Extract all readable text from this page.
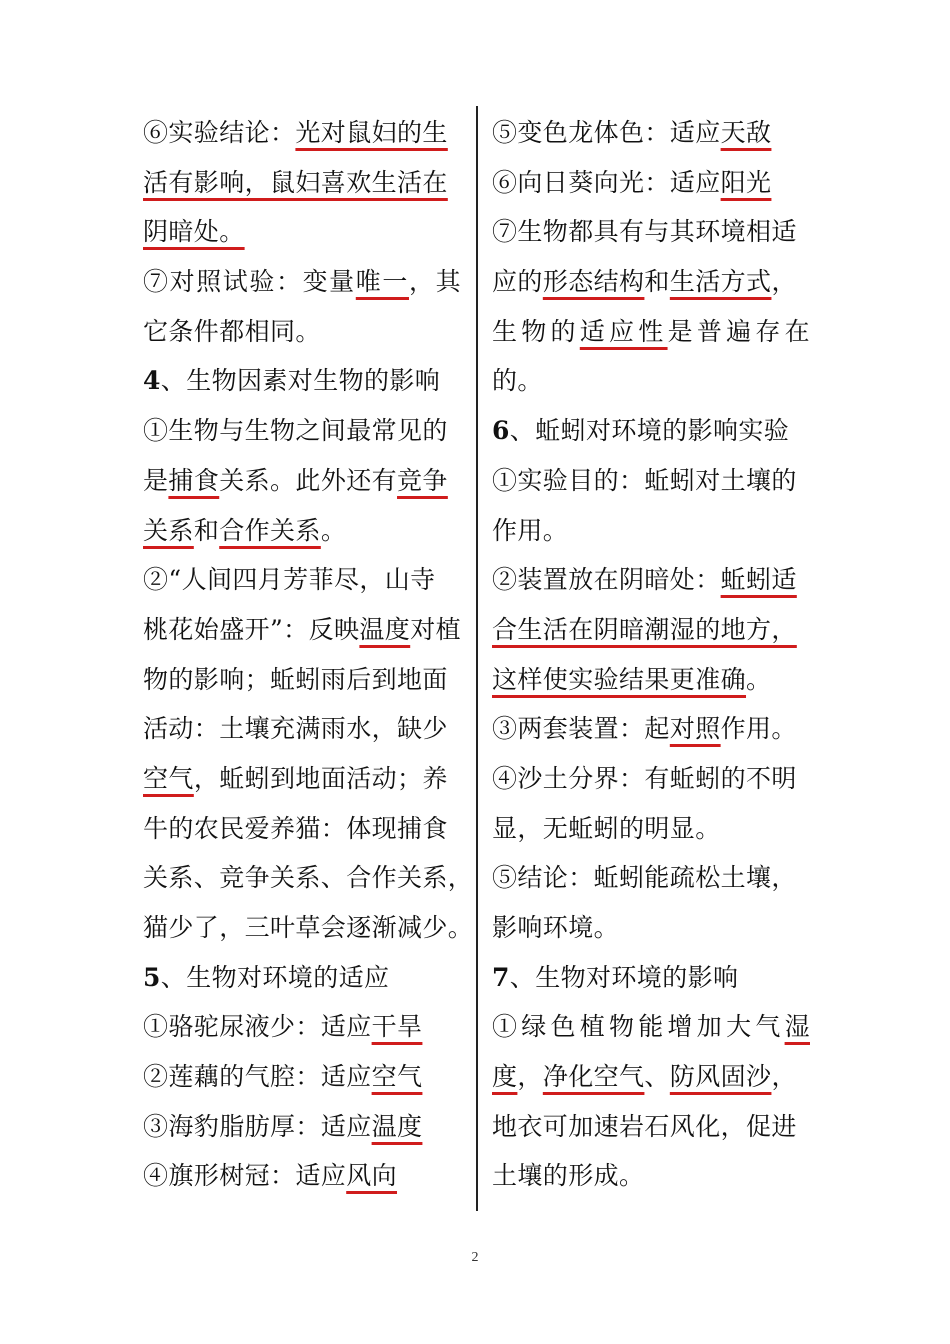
⑥实验结论：光对鼠妇的生
活有影响，鼠妇喜欢生活在
阴暗处。
⑦对照试验：变量唯一，其
它条件都相同。
4、生物因素对生物的影响
①生物与生物之间最常见的
是捕食关系。此外还有竞争
关系和合作关系。
②“人间四月芳菲尽，山寺
桃花始盛开”：反映温度对植
物的影响；蚯蚓雨后到地面
活动：土壤充满雨水，缺少
空气，蚯蚓到地面活动；养
牛的农民爱养猫：体现捕食
关系、竞争关系、合作关系，
猫少了，三叶草会逐渐减少。
5、生物对环境的适应
①骆驼尿液少：适应干旱
②莲藕的气腔：适应空气
③海豹脂肪厚：适应温度
④旗形树冠：适应风向
⑤变色龙体色：适应天敌
⑥向日葵向光：适应阳光
⑦生物都具有与其环境相适
应的形态结构和生活方式，
生物的适应性是普遍存在
的。
6、蚯蚓对环境的影响实验
①实验目的：蚯蚓对土壤的
作用。
②装置放在阴暗处：蚯蚓适
合生活在阴暗潮湿的地方，
这样使实验结果更准确。
③两套装置：起对照作用。
④沙土分界：有蚯蚓的不明
显，无蚯蚓的明显。
⑤结论：蚯蚓能疏松土壤，
影响环境。
7、生物对环境的影响
①绿色植物能增加大气湿
度，净化空气、防风固沙，
地衣可加速岩石风化，促进
土壤的形成。
2
